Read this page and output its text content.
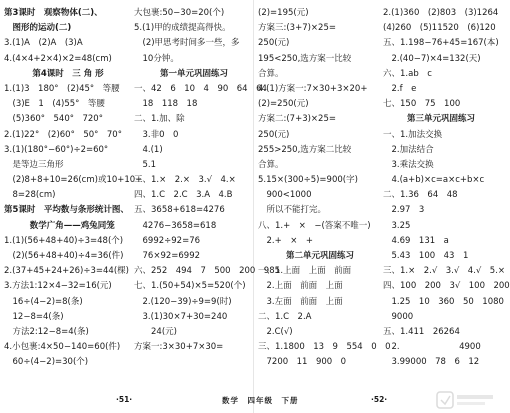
第3课时　观察物体(二)、
　图形的运动(二)
3.(1)A　(2)A　(3)A
4.(4×4+2×4)×2=48(cm)
第4课时　三 角 形
1.(1)3　180°　(2)45°　等腰
　(3)E　1　(4)55°　等腰
　(5)360°　540°　720°
2.(1)22°　(2)60°　50°　70°
3.(1)(180°−60°)÷2=60°
　是等边三角形
　(2)8+8+10=26(cm)或10+10+
　8=28(cm)
第5课时　平均数与条形统计图、
　数学广角——鸡兔同笼
1.(1)(56+48+40)÷3=48(个)
　(2)(56+48+40)÷4=36(件)
2.(37+45+24+26)÷3=44(棵)
3.方法1:12×4−32=16(元)
　16÷(4−2)=8(条)
　12−8=4(条)
　方法2:12−8=4(条)
4.小包裹:4×50−140=60(件)
　60÷(4−2)=30(个)
大包裹:50−30=20(个)
5.(1)甲的成绩提高得快。
　(2)甲思考时间多一些，多
　10分钟。
第一单元巩固练习
一、42　6　10　4　90　64　64
　18　118　18
二、1.加、除
　3.非0　0
　4.(1)
　5.1
三、1.×　2.×　3.√　4.×
四、1.C　2.C　3.A　4.B
五、3658+618=4276
　4276−3658=618
　6992÷92=76
　76×92=6992
六、252　494　7　500　200　985
七、1.(50+54)×5=520(个)
　2.(120−39)÷9=9(时)
　3.(1)30×7+30=240
　　24(元)
方案一:3×30+7×30=
(2)=195(元)
方案三:(3+7)×25=
250(元)
195<250,选方案一比较
合算。
4.(1)方案一:7×30+3×20+
(2)=250(元)
方案二:(7+3)×25=
250(元)
255>250,选方案二比较
合算。
5.15×(300÷5)=900(字)
　900<1000
　所以不能打完。
八、1.+　×　−(答案不唯一)
　2.+　×　+
第二单元巩固练习
一、1.上面　上面　前面
　2.上面　前面　上面
　3.左面　前面　上面
二、1.C　2.A
　2.C(√)
三、1.1800　13　9　554　0　0
　7200　11　900　0
2.(1)360　(2)803　(3)1264
(4)260　(5)11520　(6)120
五、1.198−76+45=167(本)
　2.(40−7)×4=132(天)
六、1.ab　c
　2.f　e
七、150　75　100
第三单元巩固练习
一、1.加法交换
　2.加法结合
　3.乘法交换
　4.(a+b)×c=a×c+b×c
二、1.36　64　48
　2.97　3
　3.25
　4.69　131　a
　5.43　100　43　1
三、1.×　2.√　3.√　4.√　5.×
四、100　200　3√　100　200
　1.25　10　360　50　1080
　9000
五、1.411　26264
　2.　　　　　　　4900
　3.99000　78　6　12
·51·	数学　四年级　下册	·52·
